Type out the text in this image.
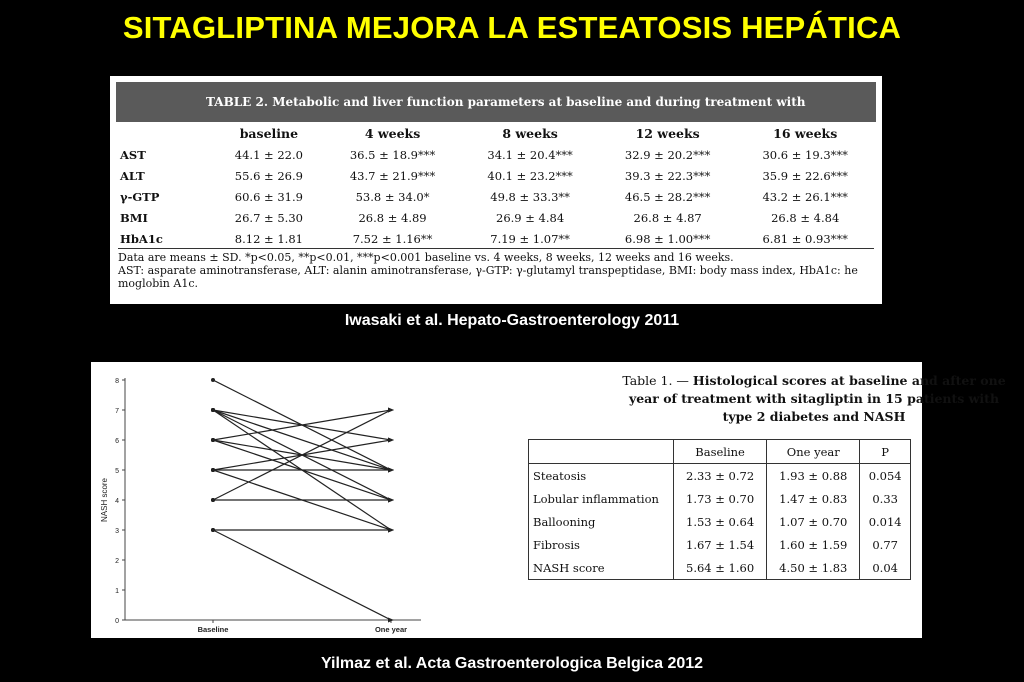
SITAGLIPTINA MEJORA LA ESTEATOSIS HEPÁTICA
TABLE 2. Metabolic and liver function parameters at baseline and during treatment with sitagliptin.
	baseline	4 weeks	8 weeks	12 weeks	16 weeks
AST	44.1 ± 22.0	36.5 ± 18.9***	34.1 ± 20.4***	32.9 ± 20.2***	30.6 ± 19.3***
ALT	55.6 ± 26.9	43.7 ± 21.9***	40.1 ± 23.2***	39.3 ± 22.3***	35.9 ± 22.6***
γ-GTP	60.6 ± 31.9	53.8 ± 34.0*	49.8 ± 33.3**	46.5 ± 28.2***	43.2 ± 26.1***
BMI	26.7 ± 5.30	26.8 ± 4.89	26.9 ± 4.84	26.8 ± 4.87	26.8 ± 4.84
HbA1c	8.12 ± 1.81	7.52 ± 1.16**	7.19 ± 1.07**	6.98 ± 1.00***	6.81 ± 0.93***
Data are means ± SD. *p<0.05, **p<0.01, ***p<0.001 baseline vs. 4 weeks, 8 weeks, 12 weeks and 16 weeks.
AST: asparate aminotransferase, ALT: alanin aminotransferase, γ-GTP: γ-glutamyl transpeptidase, BMI: body mass index, HbA1c: he moglobin A1c.
Iwasaki et al. Hepato-Gastroenterology 2011
0
1
2
3
4
5
6
7
8
NASH score
Baseline	One year
Table 1. — Histological scores at baseline and after one year of treatment with sitagliptin in 15 patients with type 2 diabetes and NASH
	Baseline	One year	P
Steatosis	2.33 ± 0.72	1.93 ± 0.88	0.054
Lobular inflammation	1.73 ± 0.70	1.47 ± 0.83	0.33
Ballooning	1.53 ± 0.64	1.07 ± 0.70	0.014
Fibrosis	1.67 ± 1.54	1.60 ± 1.59	0.77
NASH score	5.64 ± 1.60	4.50 ± 1.83	0.04
Yilmaz et al. Acta Gastroenterologica Belgica 2012
